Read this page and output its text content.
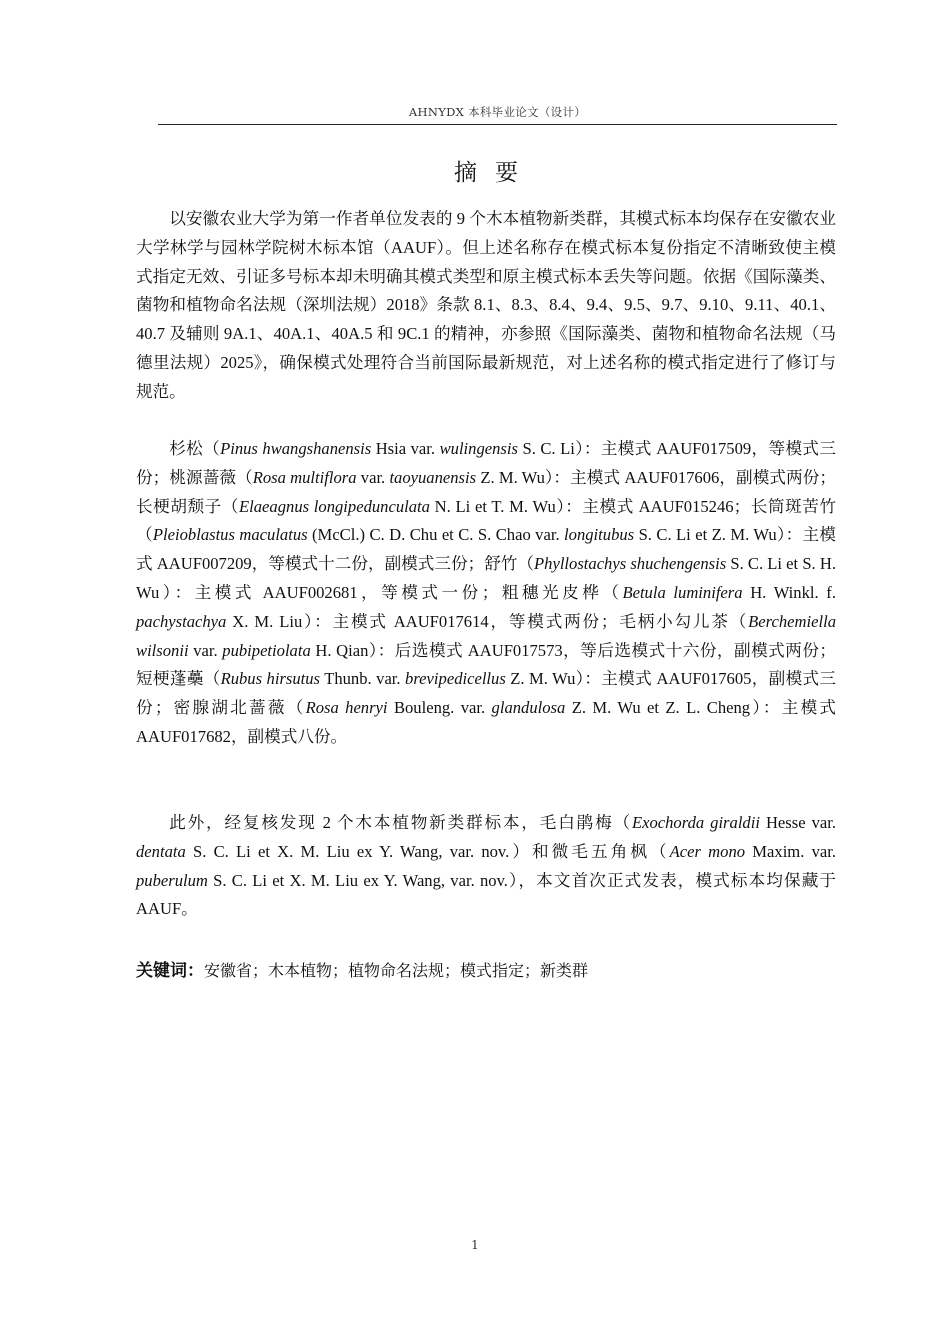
AHNYDX 本科毕业论文（设计）
摘要

以安徽农业大学为第一作者单位发表的 9 个木本植物新类群，其模式标本均保存在安徽农业大学林学与园林学院树木标本馆（AAUF）。但上述名称存在模式标本复份指定不清晰致使主模式指定无效、引证多号标本却未明确其模式类型和原主模式标本丢失等问题。依据《国际藻类、菌物和植物命名法规（深圳法规）2018》条款 8.1、8.3、8.4、9.4、9.5、9.7、9.10、9.11、40.1、40.7 及辅则 9A.1、40A.1、40A.5 和 9C.1 的精神，亦参照《国际藻类、菌物和植物命名法规（马德里法规）2025》，确保模式处理符合当前国际最新规范，对上述名称的模式指定进行了修订与规范。

杉松（Pinus hwangshanensis Hsia var. wulingensis S. C. Li）：主模式 AAUF017509，等模式三份；桃源蔷薇（Rosa multiflora var. taoyuanensis Z. M. Wu）：主模式 AAUF017606，副模式两份；长梗胡颓子（Elaeagnus longipedunculata N. Li et T. M. Wu）：主模式 AAUF015246；长筒斑苦竹（Pleioblastus maculatus (McCl.) C. D. Chu et C. S. Chao var. longitubus S. C. Li et Z. M. Wu）：主模式 AAUF007209，等模式十二份，副模式三份；舒竹（Phyllostachys shuchengensis S. C. Li et S. H. Wu）：主模式 AAUF002681，等模式一份；粗穗光皮桦（Betula luminifera H. Winkl. f. pachystachya X. M. Liu）：主模式 AAUF017614，等模式两份；毛柄小勾儿茶（Berchemiella wilsonii var. pubipetiolata H. Qian）：后选模式 AAUF017573，等后选模式十六份，副模式两份；短梗蓬蘽（Rubus hirsutus Thunb. var. brevipedicellus Z. M. Wu）：主模式 AAUF017605，副模式三份；密腺湖北蔷薇（Rosa henryi Bouleng. var. glandulosa Z. M. Wu et Z. L. Cheng）：主模式 AAUF017682，副模式八份。

此外，经复核发现 2 个木本植物新类群标本，毛白鹃梅（Exochorda giraldii Hesse var. dentata S. C. Li et X. M. Liu ex Y. Wang, var. nov.）和微毛五角枫（Acer mono Maxim. var. puberulum S. C. Li et X. M. Liu ex Y. Wang, var. nov.），本文首次正式发表，模式标本均保藏于 AAUF。

关键词：安徽省；木本植物；植物命名法规；模式指定；新类群
1
